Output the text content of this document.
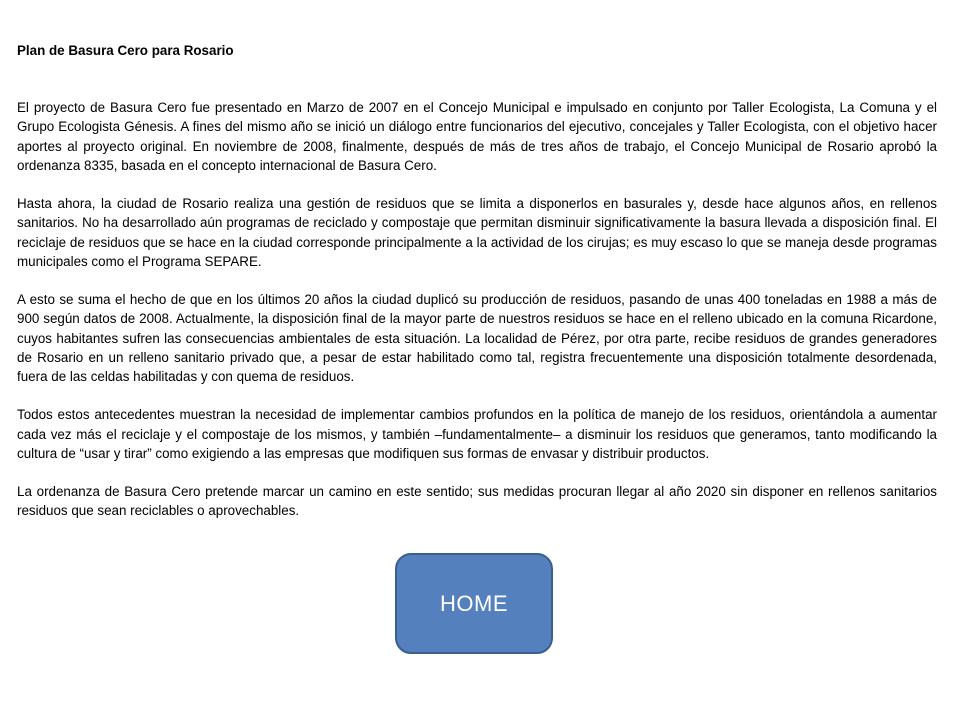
Plan de Basura Cero para Rosario

El proyecto de Basura Cero fue presentado en Marzo de 2007 en el Concejo Municipal e impulsado en conjunto por Taller Ecologista, La Comuna y el Grupo Ecologista Génesis. A fines del mismo año se inició un diálogo entre funcionarios del ejecutivo, concejales y Taller Ecologista, con el objetivo hacer aportes al proyecto original. En noviembre de 2008, finalmente, después de más de tres años de trabajo, el Concejo Municipal de Rosario aprobó la ordenanza 8335, basada en el concepto internacional de Basura Cero.

Hasta ahora, la ciudad de Rosario realiza una gestión de residuos que se limita a disponerlos en basurales y, desde hace algunos años, en rellenos sanitarios. No ha desarrollado aún programas de reciclado y compostaje que permitan disminuir significativamente la basura llevada a disposición final. El reciclaje de residuos que se hace en la ciudad corresponde principalmente a la actividad de los cirujas; es muy escaso lo que se maneja desde programas municipales como el Programa SEPARE.

A esto se suma el hecho de que en los últimos 20 años la ciudad duplicó su producción de residuos, pasando de unas 400 toneladas en 1988 a más de 900 según datos de 2008. Actualmente, la disposición final de la mayor parte de nuestros residuos se hace en el relleno ubicado en la comuna Ricardone, cuyos habitantes sufren las consecuencias ambientales de esta situación. La localidad de Pérez, por otra parte, recibe residuos de grandes generadores de Rosario en un relleno sanitario privado que, a pesar de estar habilitado como tal, registra frecuentemente una disposición totalmente desordenada, fuera de las celdas habilitadas y con quema de residuos.

Todos estos antecedentes muestran la necesidad de implementar cambios profundos en la política de manejo de los residuos, orientándola a aumentar cada vez más el reciclaje y el compostaje de los mismos, y también –fundamentalmente– a disminuir los residuos que generamos, tanto modificando la cultura de “usar y tirar” como exigiendo a las empresas que modifiquen sus formas de envasar y distribuir productos.

La ordenanza de Basura Cero pretende marcar un camino en este sentido; sus medidas procuran llegar al año 2020 sin disponer en rellenos sanitarios residuos que sean reciclables o aprovechables.

HOME
